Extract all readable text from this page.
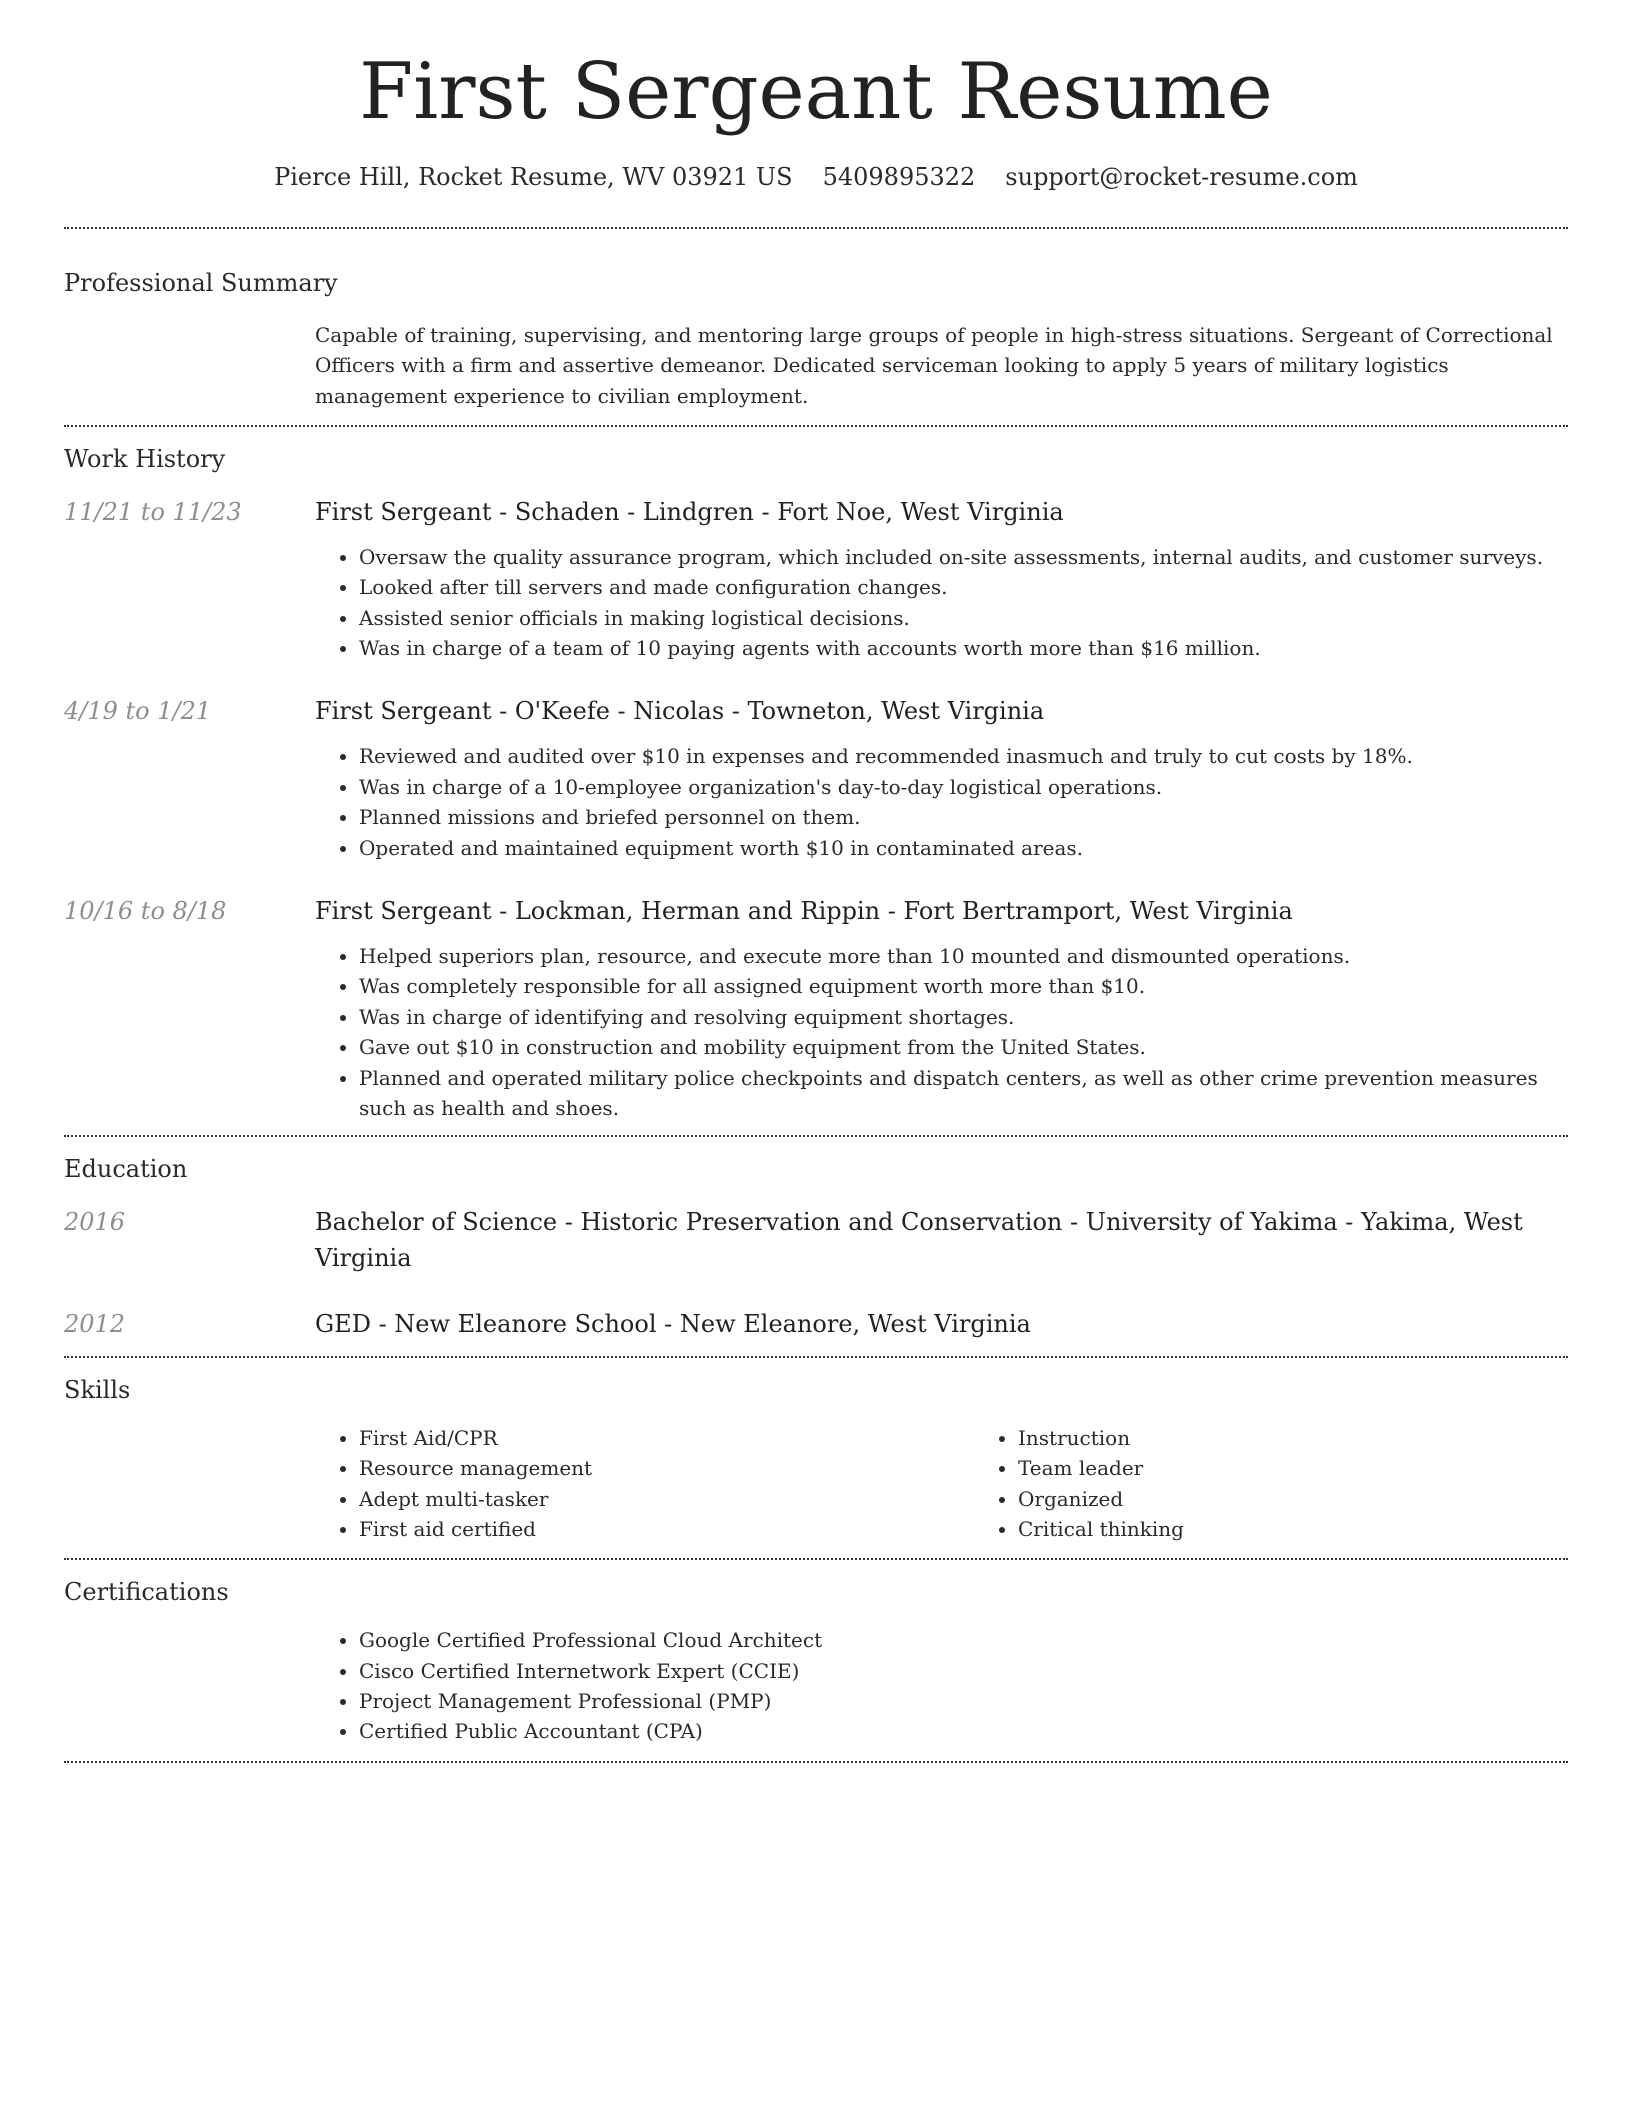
First Sergeant Resume
Pierce Hill, Rocket Resume, WV 03921 US 5409895322 support@rocket-resume.com
Professional Summary
Capable of training, supervising, and mentoring large groups of people in high-stress situations. Sergeant of Correctional Officers with a firm and assertive demeanor. Dedicated serviceman looking to apply 5 years of military logistics management experience to civilian employment.
Work History
11/21 to 11/23	First Sergeant - Schaden - Lindgren - Fort Noe, West Virginia
• Oversaw the quality assurance program, which included on-site assessments, internal audits, and customer surveys.
• Looked after till servers and made configuration changes.
• Assisted senior officials in making logistical decisions.
• Was in charge of a team of 10 paying agents with accounts worth more than $16 million.
4/19 to 1/21	First Sergeant - O'Keefe - Nicolas - Towneton, West Virginia
• Reviewed and audited over $10 in expenses and recommended inasmuch and truly to cut costs by 18%.
• Was in charge of a 10-employee organization's day-to-day logistical operations.
• Planned missions and briefed personnel on them.
• Operated and maintained equipment worth $10 in contaminated areas.
10/16 to 8/18	First Sergeant - Lockman, Herman and Rippin - Fort Bertramport, West Virginia
• Helped superiors plan, resource, and execute more than 10 mounted and dismounted operations.
• Was completely responsible for all assigned equipment worth more than $10.
• Was in charge of identifying and resolving equipment shortages.
• Gave out $10 in construction and mobility equipment from the United States.
• Planned and operated military police checkpoints and dispatch centers, as well as other crime prevention measures such as health and shoes.
Education
2016	Bachelor of Science - Historic Preservation and Conservation - University of Yakima - Yakima, West Virginia
2012	GED - New Eleanore School - New Eleanore, West Virginia
Skills
• First Aid/CPR
• Resource management
• Adept multi-tasker
• First aid certified
• Instruction
• Team leader
• Organized
• Critical thinking
Certifications
• Google Certified Professional Cloud Architect
• Cisco Certified Internetwork Expert (CCIE)
• Project Management Professional (PMP)
• Certified Public Accountant (CPA)
